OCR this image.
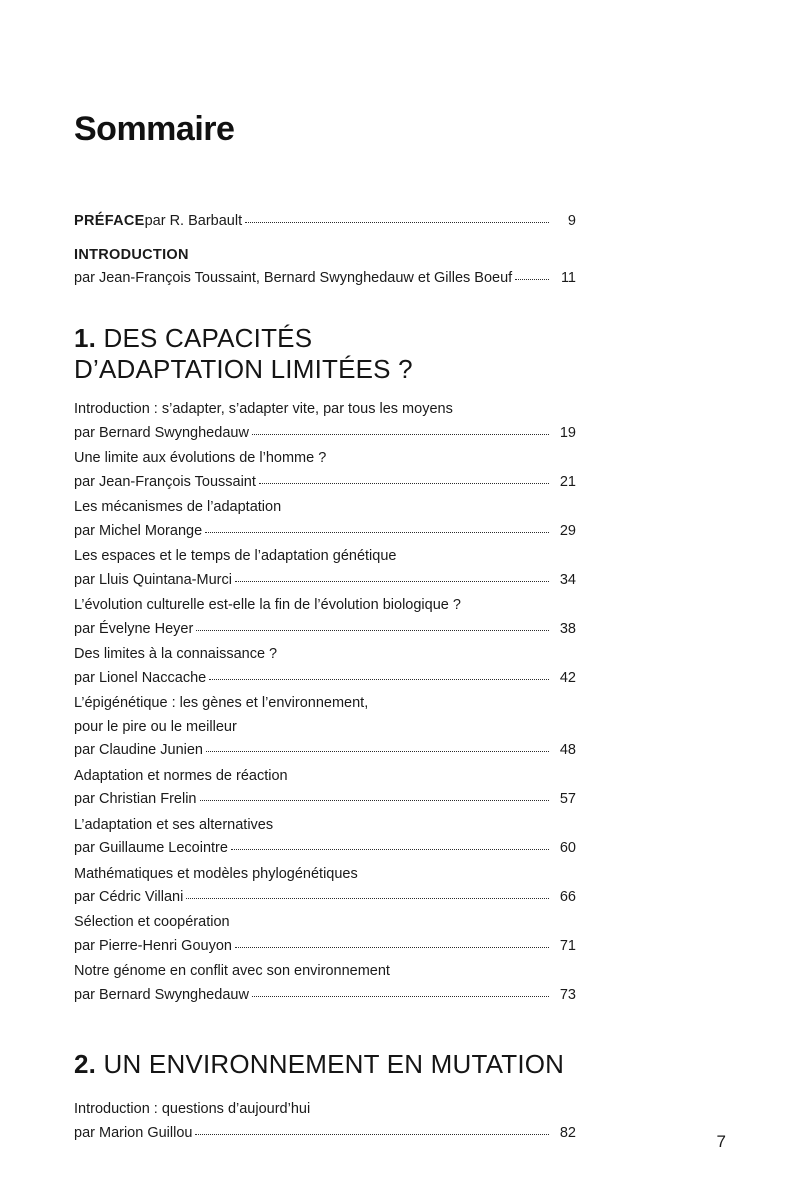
Sommaire
PRÉFACE par R. Barbault	9
INTRODUCTION
par Jean-François Toussaint, Bernard Swynghedauw et Gilles Boeuf	11
1. DES CAPACITÉS
D’ADAPTATION LIMITÉES ?
Introduction : s’adapter, s’adapter vite, par tous les moyens
par Bernard Swynghedauw	19
Une limite aux évolutions de l’homme ?
par Jean-François Toussaint	21
Les mécanismes de l’adaptation
par Michel Morange	29
Les espaces et le temps de l’adaptation génétique
par Lluis Quintana-Murci	34
L’évolution culturelle est-elle la fin de l’évolution biologique ?
par Évelyne Heyer	38
Des limites à la connaissance ?
par Lionel Naccache	42
L’épigénétique : les gènes et l’environnement,
pour le pire ou le meilleur
par Claudine Junien	48
Adaptation et normes de réaction
par Christian Frelin	57
L’adaptation et ses alternatives
par Guillaume Lecointre	60
Mathématiques et modèles phylogénétiques
par Cédric Villani	66
Sélection et coopération
par Pierre-Henri Gouyon	71
Notre génome en conflit avec son environnement
par Bernard Swynghedauw	73
2. UN ENVIRONNEMENT EN MUTATION
Introduction : questions d’aujourd’hui
par Marion Guillou	82	7
